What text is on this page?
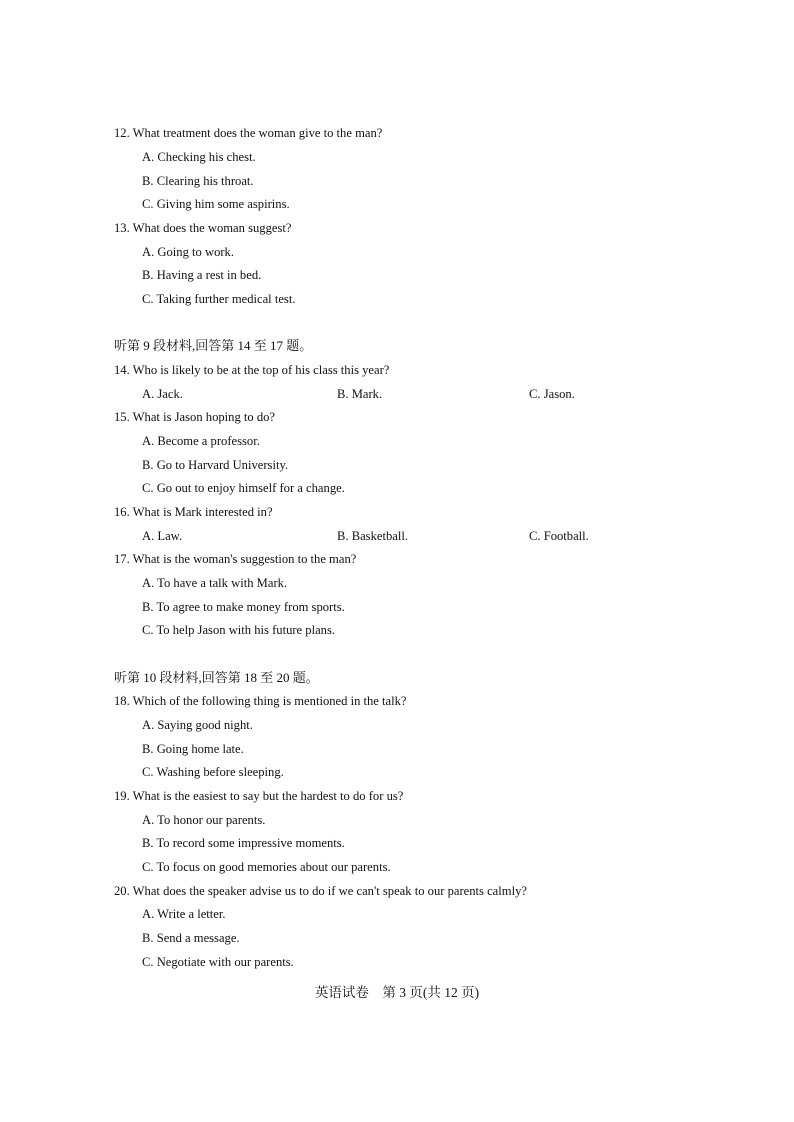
12. What treatment does the woman give to the man?
A. Checking his chest.
B. Clearing his throat.
C. Giving him some aspirins.
13. What does the woman suggest?
A. Going to work.
B. Having a rest in bed.
C. Taking further medical test.
听第 9 段材料,回答第 14 至 17 题。
14. Who is likely to be at the top of his class this year?
A. Jack.	B. Mark.	C. Jason.
15. What is Jason hoping to do?
A. Become a professor.
B. Go to Harvard University.
C. Go out to enjoy himself for a change.
16. What is Mark interested in?
A. Law.	B. Basketball.	C. Football.
17. What is the woman's suggestion to the man?
A. To have a talk with Mark.
B. To agree to make money from sports.
C. To help Jason with his future plans.
听第 10 段材料,回答第 18 至 20 题。
18. Which of the following thing is mentioned in the talk?
A. Saying good night.
B. Going home late.
C. Washing before sleeping.
19. What is the easiest to say but the hardest to do for us?
A. To honor our parents.
B. To record some impressive moments.
C. To focus on good memories about our parents.
20. What does the speaker advise us to do if we can't speak to our parents calmly?
A. Write a letter.
B. Send a message.
C. Negotiate with our parents.
英语试卷　第 3 页(共 12 页)
